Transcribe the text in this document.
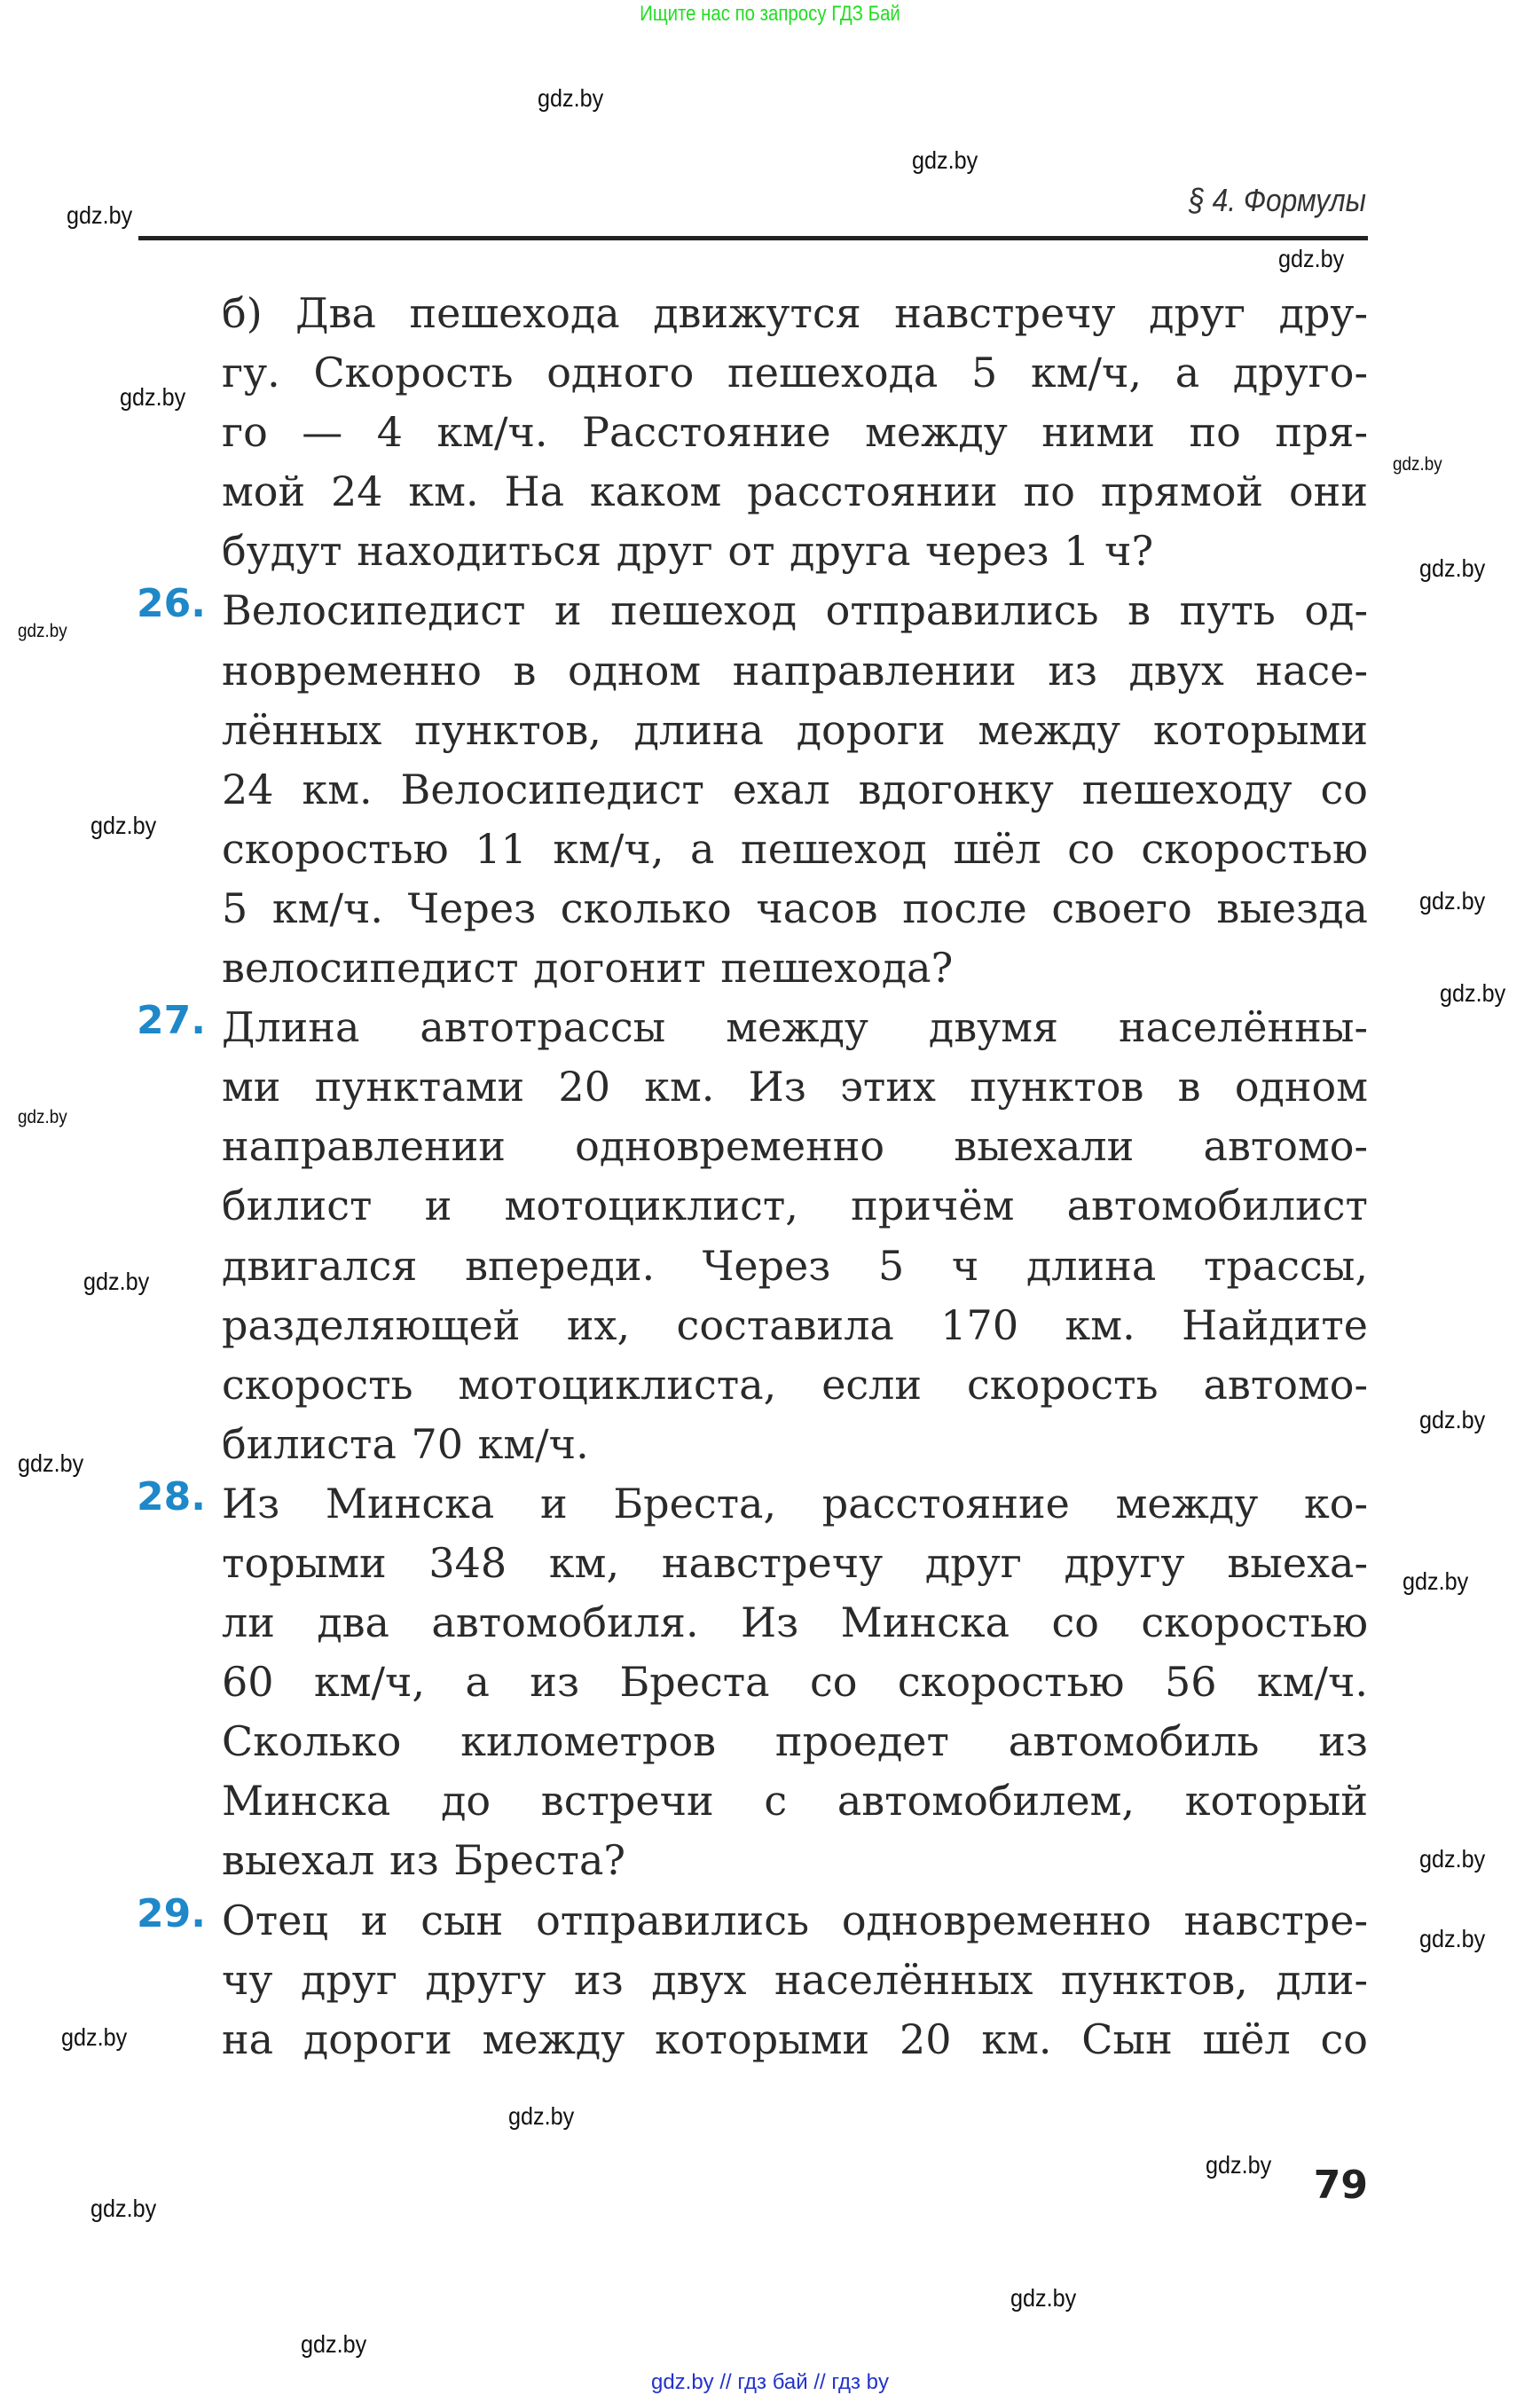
Ищите нас по запросу ГДЗ Бай
§ 4. Формулы
б) Два пешехода движутся навстречу друг дру-
гу. Скорость одного пешехода 5 км/ч, а друго-
го — 4 км/ч. Расстояние между ними по пря-
мой 24 км. На каком расстоянии по прямой они
будут находиться друг от друга через 1 ч?
26. Велосипедист и пешеход отправились в путь од-
новременно в одном направлении из двух насе-
лённых пунктов, длина дороги между которыми
24 км. Велосипедист ехал вдогонку пешеходу со
скоростью 11 км/ч, а пешеход шёл со скоростью
5 км/ч. Через сколько часов после своего выезда
велосипедист догонит пешехода?
27. Длина автотрассы между двумя населённы-
ми пунктами 20 км. Из этих пунктов в одном
направлении одновременно выехали автомо-
билист и мотоциклист, причём автомобилист
двигался впереди. Через 5 ч длина трассы,
разделяющей их, составила 170 км. Найдите
скорость мотоциклиста, если скорость автомо-
билиста 70 км/ч.
28. Из Минска и Бреста, расстояние между ко-
торыми 348 км, навстречу друг другу выеха-
ли два автомобиля. Из Минска со скоростью
60 км/ч, а из Бреста со скоростью 56 км/ч.
Сколько километров проедет автомобиль из
Минска до встречи с автомобилем, который
выехал из Бреста?
29. Отец и сын отправились одновременно навстре-
чу друг другу из двух населённых пунктов, дли-
на дороги между которыми 20 км. Сын шёл со
79
gdz.by // гдз бай // гдз by
gdz.by
gdz.by
gdz.by
gdz.by
gdz.by
gdz.by
gdz.by
gdz.by
gdz.by
gdz.by
gdz.by
gdz.by
gdz.by
gdz.by
gdz.by
gdz.by
gdz.by
gdz.by
gdz.by
gdz.by
gdz.by
gdz.by
gdz.by
gdz.by
